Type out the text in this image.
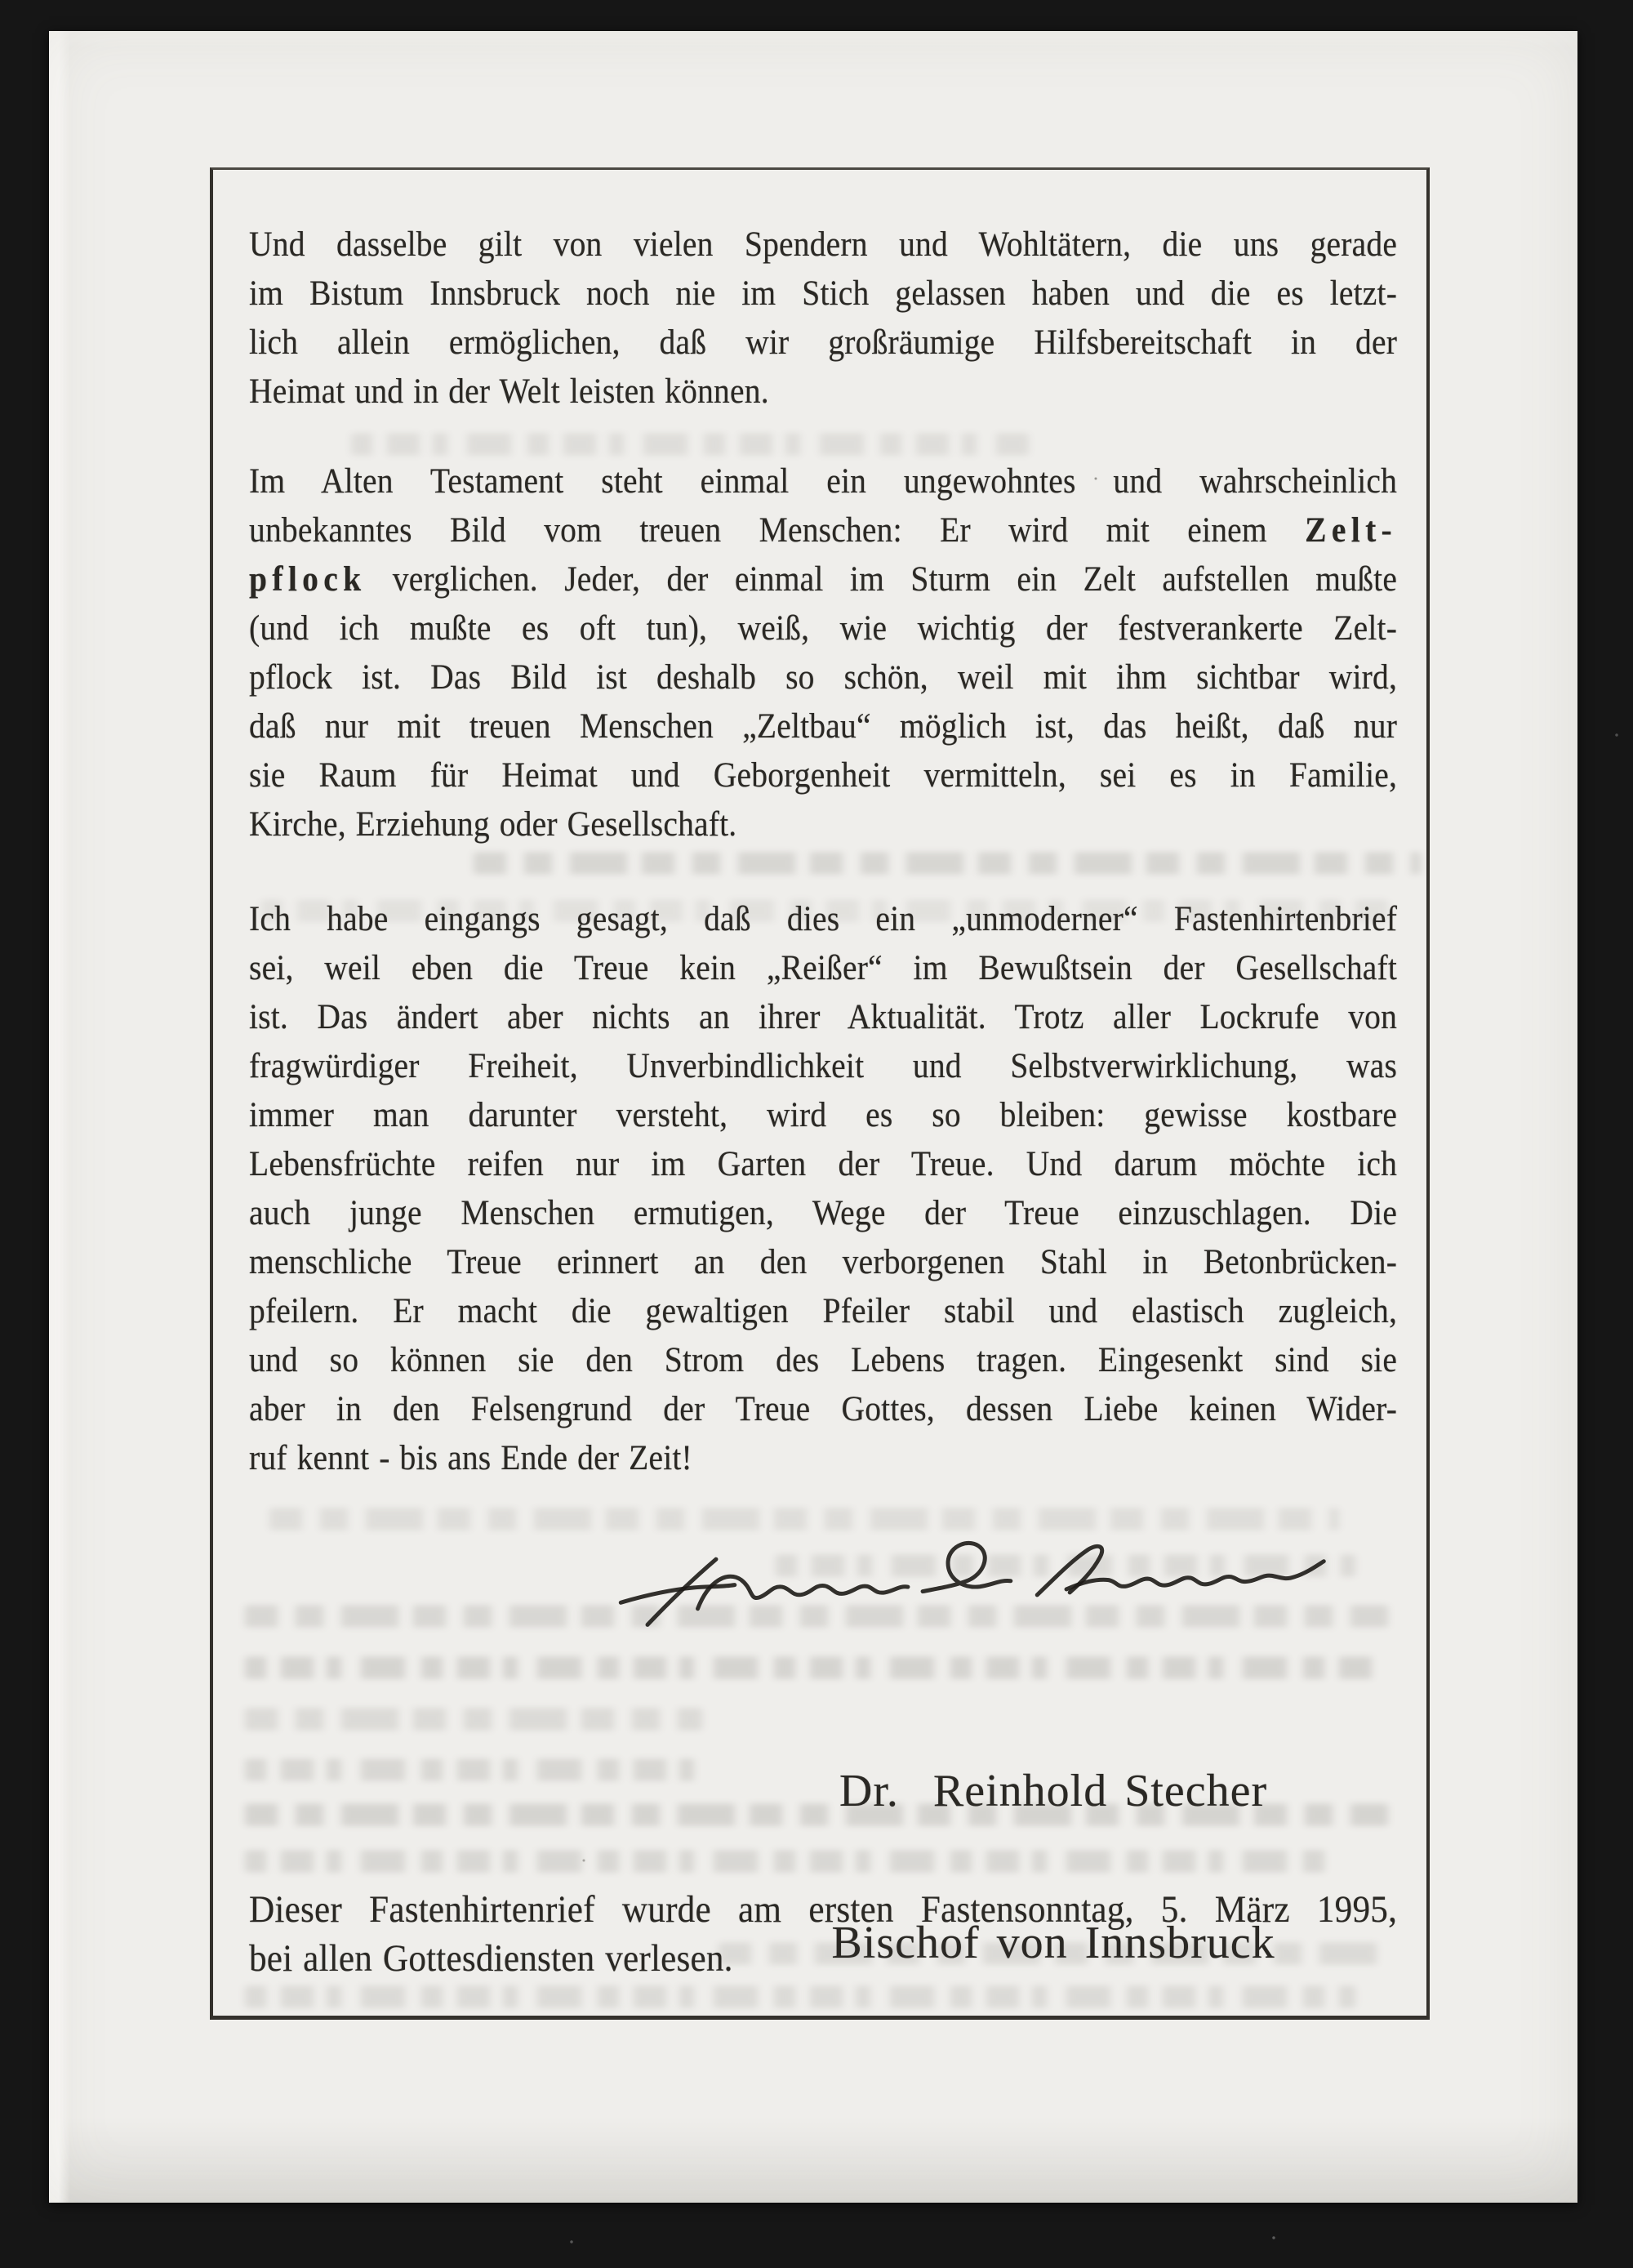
Und dasselbe gilt von vielen Spendern und Wohltätern, die uns gerade
im Bistum Innsbruck noch nie im Stich gelassen haben und die es letzt-
lich allein ermöglichen, daß wir großräumige Hilfsbereitschaft in der
Heimat und in der Welt leisten können.
Im Alten Testament steht einmal ein ungewohntes und wahrscheinlich
unbekanntes Bild vom treuen Menschen: Er wird mit einem Zelt-
pflock verglichen. Jeder, der einmal im Sturm ein Zelt aufstellen mußte
(und ich mußte es oft tun), weiß, wie wichtig der festverankerte Zelt-
pflock ist. Das Bild ist deshalb so schön, weil mit ihm sichtbar wird,
daß nur mit treuen Menschen „Zeltbau“ möglich ist, das heißt, daß nur
sie Raum für Heimat und Geborgenheit vermitteln, sei es in Familie,
Kirche, Erziehung oder Gesellschaft.
Ich habe eingangs gesagt, daß dies ein „unmoderner“ Fastenhirtenbrief
sei, weil eben die Treue kein „Reißer“ im Bewußtsein der Gesellschaft
ist. Das ändert aber nichts an ihrer Aktualität. Trotz aller Lockrufe von
fragwürdiger Freiheit, Unverbindlichkeit und Selbstverwirklichung, was
immer man darunter versteht, wird es so bleiben: gewisse kostbare
Lebensfrüchte reifen nur im Garten der Treue. Und darum möchte ich
auch junge Menschen ermutigen, Wege der Treue einzuschlagen. Die
menschliche Treue erinnert an den verborgenen Stahl in Betonbrücken-
pfeilern. Er macht die gewaltigen Pfeiler stabil und elastisch zugleich,
und so können sie den Strom des Lebens tragen. Eingesenkt sind sie
aber in den Felsengrund der Treue Gottes, dessen Liebe keinen Wider-
ruf kennt - bis ans Ende der Zeit!

Dr.  Reinhold Stecher

Bischof von Innsbruck

Dieser Fastenhirtenrief wurde am ersten Fastensonntag, 5. März 1995,
bei allen Gottesdiensten verlesen.
